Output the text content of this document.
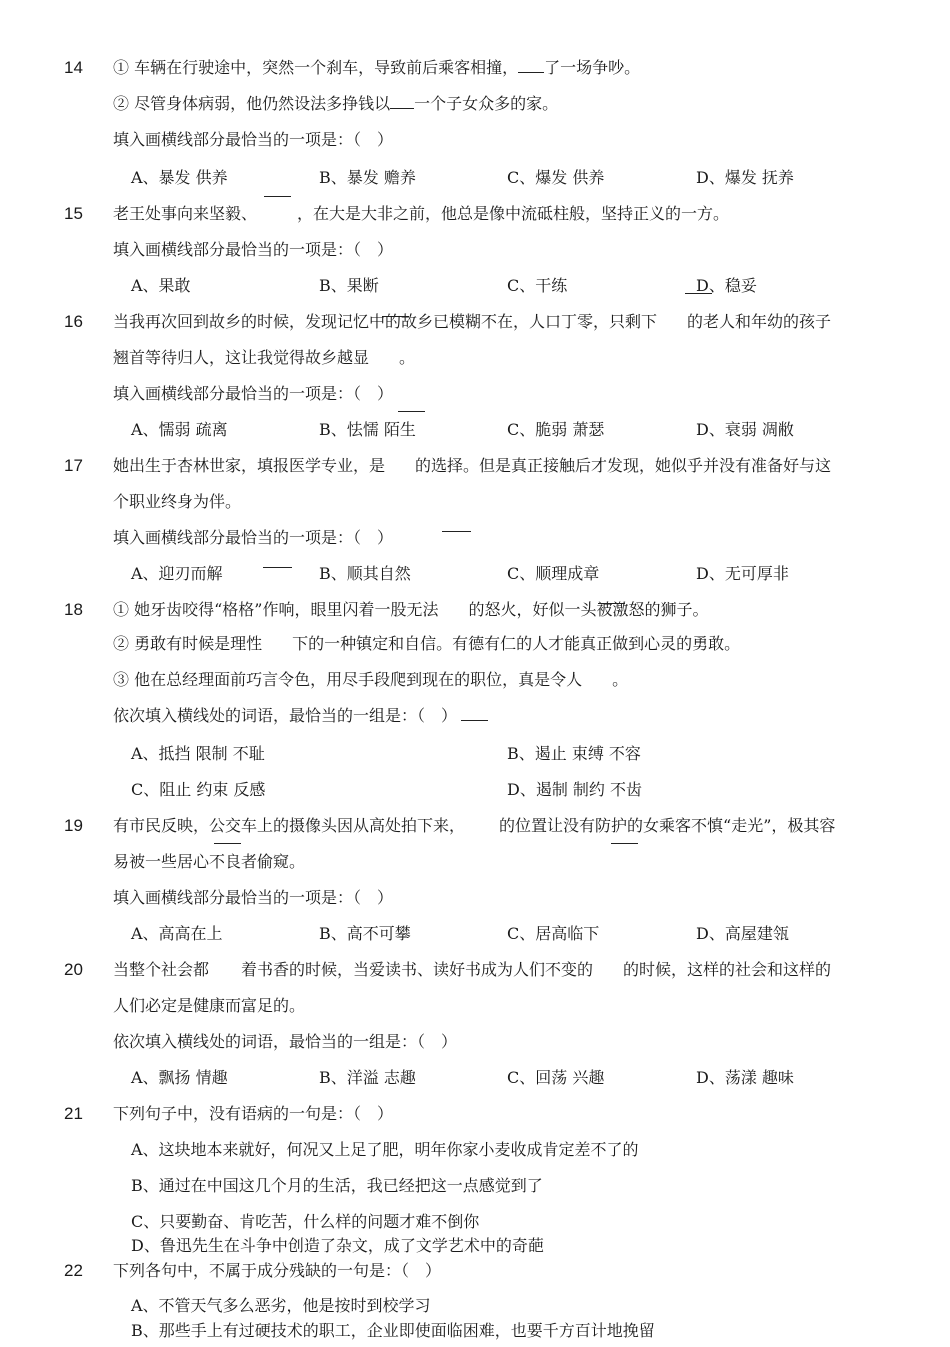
14 ① 车辆在行驶途中，突然一个刹车，导致前后乘客相撞， 了一场争吵。
② 尽管身体病弱，他仍然设法多挣钱以 一个子女众多的家。
填入画横线部分最恰当的一项是：（　）
A、暴发 供养	B、暴发 赡养	C、爆发 供养	D、爆发 抚养
15 老王处事向来坚毅、	，在大是大非之前，他总是像中流砥柱般，坚持正义的一方。
填入画横线部分最恰当的一项是：（　）
A、果敢	B、果断	C、干练	D、稳妥
16 当我再次回到故乡的时候，发现记忆中的故乡已模糊不在，人口丁零，只剩下 的老人和年幼的孩子
翘首等待归人，这让我觉得故乡越显 。
填入画横线部分最恰当的一项是：（　）
A、懦弱 疏离	B、怯懦 陌生	C、脆弱 萧瑟	D、衰弱 凋敝
17 她出生于杏林世家，填报医学专业，是 的选择。但是真正接触后才发现，她似乎并没有准备好与这
个职业终身为伴。
填入画横线部分最恰当的一项是：（　）
A、迎刃而解	B、顺其自然	C、顺理成章	D、无可厚非
18 ① 她牙齿咬得“格格”作响，眼里闪着一股无法 的怒火，好似一头被激怒的狮子。
② 勇敢有时候是理性 下的一种镇定和自信。有德有仁的人才能真正做到心灵的勇敢。
③ 他在总经理面前巧言令色，用尽手段爬到现在的职位，真是令人 。
依次填入横线处的词语，最恰当的一组是：（　）
A、抵挡 限制 不耻	B、遏止 束缚 不容
C、阻止 约束 反感	D、遏制 制约 不齿
19 有市民反映，公交车上的摄像头因从高处拍下来， 的位置让没有防护的女乘客不慎“走光”，极其容
易被一些居心不良者偷窥。
填入画横线部分最恰当的一项是：（　）
A、高高在上	B、高不可攀	C、居高临下	D、高屋建瓴
20 当整个社会都 着书香的时候，当爱读书、读好书成为人们不变的 的时候，这样的社会和这样的
人们必定是健康而富足的。
依次填入横线处的词语，最恰当的一组是：（　）
A、飘扬 情趣	B、洋溢 志趣	C、回荡 兴趣	D、荡漾 趣味
21 下列句子中，没有语病的一句是：（　）
A、这块地本来就好，何况又上足了肥，明年你家小麦收成肯定差不了的
B、通过在中国这几个月的生活，我已经把这一点感觉到了
C、只要勤奋、肯吃苦，什么样的问题才难不倒你
D、鲁迅先生在斗争中创造了杂文，成了文学艺术中的奇葩
22 下列各句中，不属于成分残缺的一句是：（　）
A、不管天气多么恶劣，他是按时到校学习
B、那些手上有过硬技术的职工，企业即使面临困难，也要千方百计地挽留
